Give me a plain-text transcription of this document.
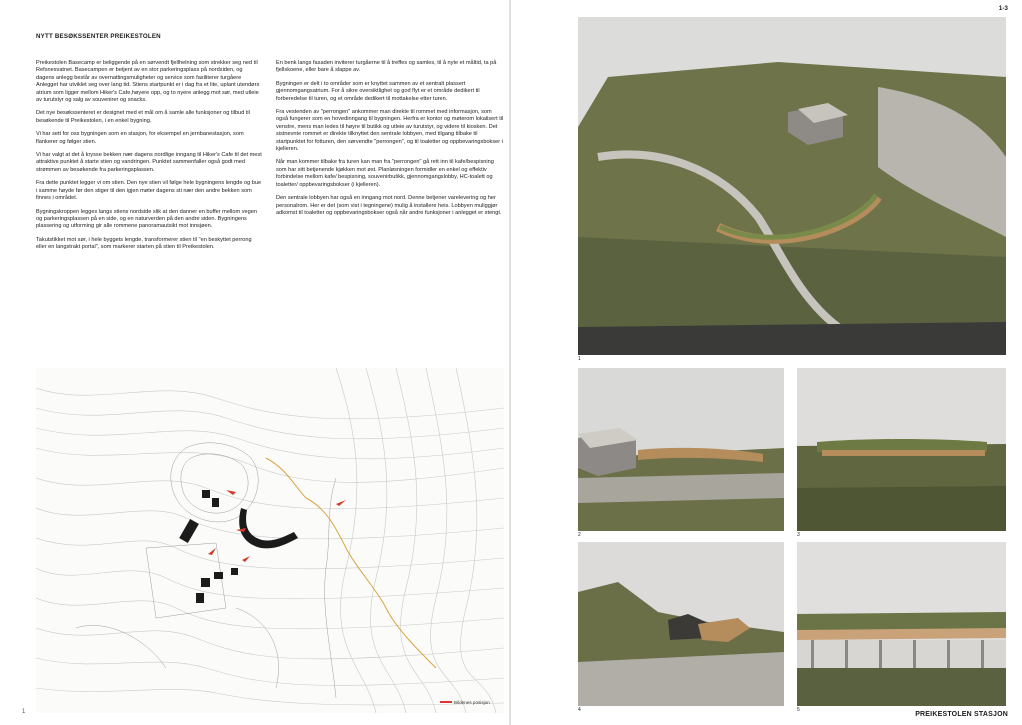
NYTT BESØKSSENTER PREIKESTOLEN

Preikestolen Basecamp er beliggende på en sørvendt fjellhelning som strekker seg ned til Refsnesvatnet. Basecampen er betjent av en stor parkeringsplass på nordsiden, og dagens anlegg består av overnattingsmuligheter og service som fasiliterer turgåere Anlegget har utviklet seg over lang tid. Stiens startpunkt er i dag fra et lite, uplant utendørs atrium som ligger mellom Hiker's Cafe,høyere opp, og to nyere anlegg mot sør, med utleie av turutstyr og salg av souvenirer og snacks.

Det nye besøkssenteret er designet med et mål om å samle alle funksjoner og tilbud til besøkende til Preikestolen, i en enkel bygning.

Vi har sett for oss bygningen som en stasjon, for eksempel en jernbanestasjon, som flankerer og følger stien.

Vi har valgt at det å krysse bekken nær dagens nordlige inngang til Hiker's Cafe til det mest attraktive punktet å starte stien og vandringen. Punktet sammenfaller også godt med strømmen av besøkende fra parkeringsplassen.

Fra dette punktet legger vi om stien. Den nye stien vil følge hele bygningens lengde og buе i samme høyde før den stiger til den igjen møter dagens sti nær den andre bekken som finnes i området.

Bygningskroppen legges langs stiens nordside slik at den danner en buffer mellom vegen og parkeringsplassen på en side, og en naturverden på den andre siden. Bygningens plassering og utforming gir alle rommene panoramautsikt mot innsjøen.

Takutstikket mot sør, i hele byggets lengde, transformerer stien til "en beskyttet perrong eller en langstrakt portal", som markerer starten på stien til Preikestolen.

En benk langs fasaden inviterer turgåerne til å treffes og samles, til å nyte et måltid, ta på fjellskoene, eller bare å slappe av.

Bygningen er delt i to områder som er knyttet sammen av et sentralt plassert gjennomgangsatrium. For å sikre oversiktlighet og god flyt er et område dedikert til forberedelse til turen, og et område dedikert til mottakelse etter turen.

Fra vestenden av "perrongen" ankommer man direkte til rommet med informasjon, som også fungerer som en hovedinngang til bygningen. Herfra er kontor og møterom lokalisert til venstre, mens man ledes til høyre til butikk og utleie av turutstyr, og videre til kiosken. Det sistnevnte rommet er direkte tilknyttet den sentrale lobbyen, med tilgang tilbake til startpunktet for fotturen, den sørvendte "perrongen", og til toaletter og oppbevaringsbokser i kjelleren.

Når man kommer tilbake fra turen kan man fra "perrongen" gå rett inn til kafe/bespisning som har sitt betjenende kjøkken mot øst. Planløsningen formidler en enkel og effektiv forbindelse mellom kafe/ bespisning, souvenirbutikk, gjennomgangslobby, HC-toalett og toaletter/ oppbevaringsbokser (i kjelleren).

Den sentrale lobbyen har også en inngang mot nord. Denne betjener varelevering og her personalrom. Her er det (som vist i tegningene) mulig å installere heis. Lobbyen muliggjør adkomst til toaletter og oppbevaringsbokser også når andre funksjoner i anlegget er stengt.

Bildenes posisjon
1
1-3
1
2	3
4	5
PREIKESTOLEN STASJON
